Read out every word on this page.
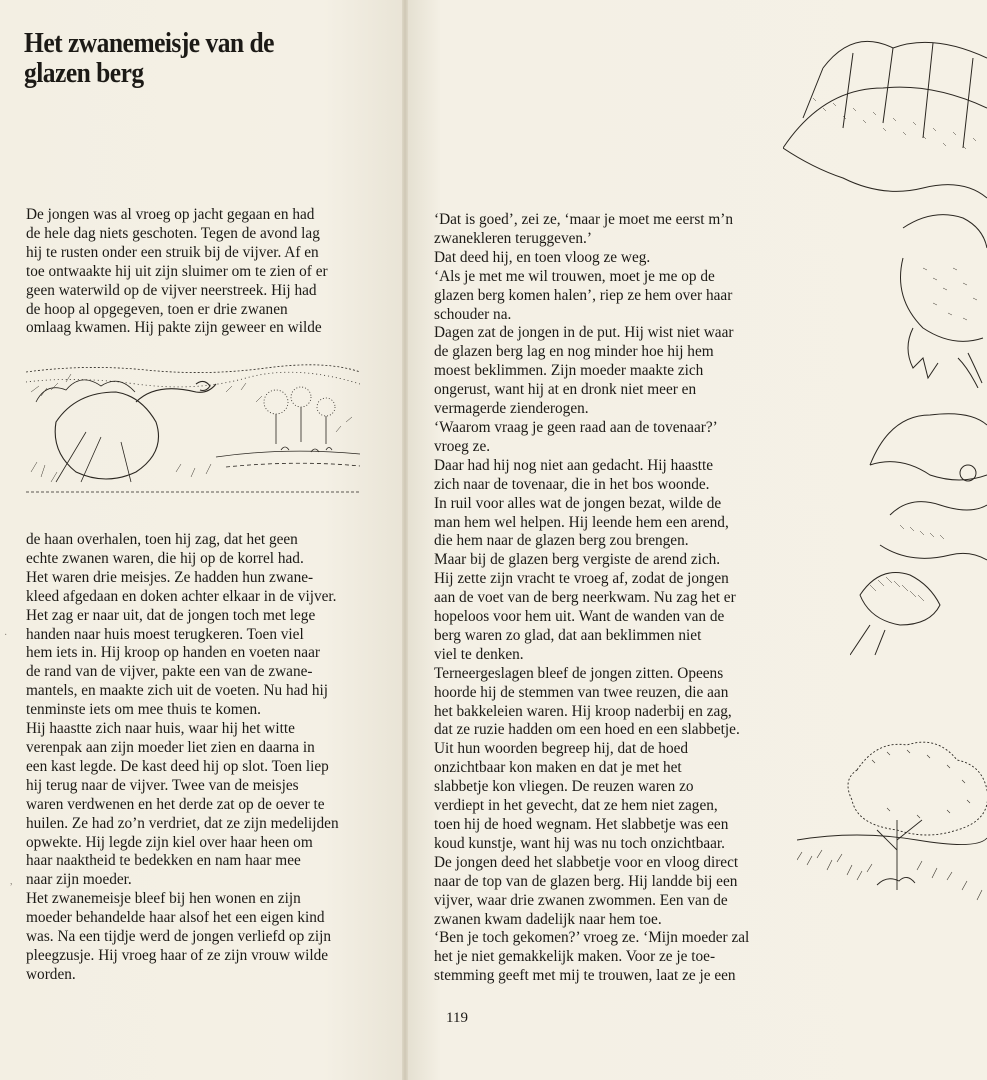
Het zwanemeisje van de glazen berg
De jongen was al vroeg op jacht gegaan en had
de hele dag niets geschoten. Tegen de avond lag
hij te rusten onder een struik bij de vijver. Af en
toe ontwaakte hij uit zijn sluimer om te zien of er
geen waterwild op de vijver neerstreek. Hij had
de hoop al opgegeven, toen er drie zwanen
omlaag kwamen. Hij pakte zijn geweer en wilde
de haan overhalen, toen hij zag, dat het geen
echte zwanen waren, die hij op de korrel had.
Het waren drie meisjes. Ze hadden hun zwane-
kleed afgedaan en doken achter elkaar in de vijver.
Het zag er naar uit, dat de jongen toch met lege
handen naar huis moest terugkeren. Toen viel
hem iets in. Hij kroop op handen en voeten naar
de rand van de vijver, pakte een van de zwane-
mantels, en maakte zich uit de voeten. Nu had hij
tenminste iets om mee thuis te komen.
Hij haastte zich naar huis, waar hij het witte
verenpak aan zijn moeder liet zien en daarna in
een kast legde. De kast deed hij op slot. Toen liep
hij terug naar de vijver. Twee van de meisjes
waren verdwenen en het derde zat op de oever te
huilen. Ze had zo’n verdriet, dat ze zijn medelijden
opwekte. Hij legde zijn kiel over haar heen om
haar naaktheid te bedekken en nam haar mee
naar zijn moeder.
Het zwanemeisje bleef bij hen wonen en zijn
moeder behandelde haar alsof het een eigen kind
was. Na een tijdje werd de jongen verliefd op zijn
pleegzusje. Hij vroeg haar of ze zijn vrouw wilde
worden.
‘Dat is goed’, zei ze, ‘maar je moet me eerst m’n
zwanekleren teruggeven.’
Dat deed hij, en toen vloog ze weg.
‘Als je met me wil trouwen, moet je me op de
glazen berg komen halen’, riep ze hem over haar
schouder na.
Dagen zat de jongen in de put. Hij wist niet waar
de glazen berg lag en nog minder hoe hij hem
moest beklimmen. Zijn moeder maakte zich
ongerust, want hij at en dronk niet meer en
vermagerde zienderogen.
‘Waarom vraag je geen raad aan de tovenaar?’
vroeg ze.
Daar had hij nog niet aan gedacht. Hij haastte
zich naar de tovenaar, die in het bos woonde.
In ruil voor alles wat de jongen bezat, wilde de
man hem wel helpen. Hij leende hem een arend,
die hem naar de glazen berg zou brengen.
Maar bij de glazen berg vergiste de arend zich.
Hij zette zijn vracht te vroeg af, zodat de jongen
aan de voet van de berg neerkwam. Nu zag het er
hopeloos voor hem uit. Want de wanden van de
berg waren zo glad, dat aan beklimmen niet
viel te denken.
Terneergeslagen bleef de jongen zitten. Opeens
hoorde hij de stemmen van twee reuzen, die aan
het bakkeleien waren. Hij kroop naderbij en zag,
dat ze ruzie hadden om een hoed en een slabbetje.
Uit hun woorden begreep hij, dat de hoed
onzichtbaar kon maken en dat je met het
slabbetje kon vliegen. De reuzen waren zo
verdiept in het gevecht, dat ze hem niet zagen,
toen hij de hoed wegnam. Het slabbetje was een
koud kunstje, want hij was nu toch onzichtbaar.
De jongen deed het slabbetje voor en vloog direct
naar de top van de glazen berg. Hij landde bij een
vijver, waar drie zwanen zwommen. Een van de
zwanen kwam dadelijk naar hem toe.
‘Ben je toch gekomen?’ vroeg ze. ‘Mijn moeder zal
het je niet gemakkelijk maken. Voor ze je toe-
stemming geeft met mij te trouwen, laat ze je een
119
·
,
